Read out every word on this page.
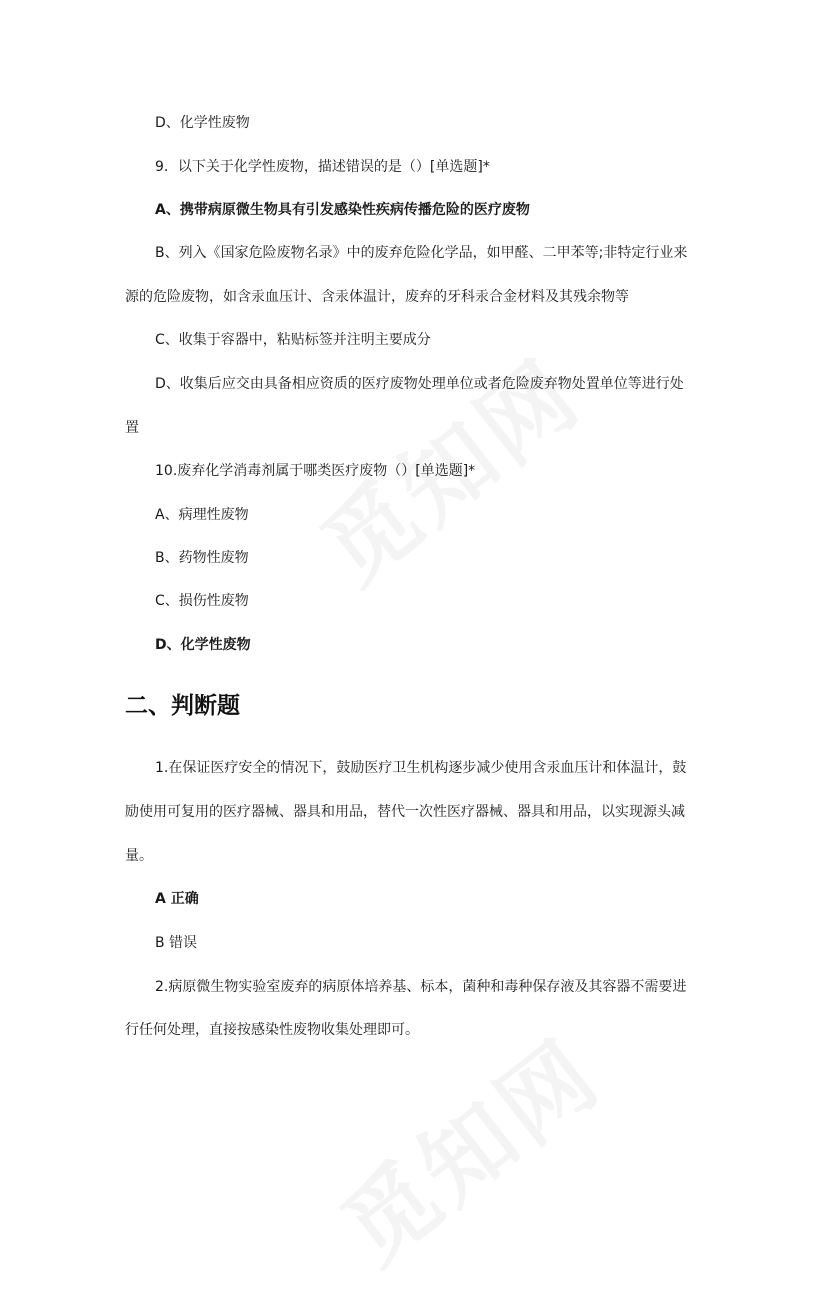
D、化学性废物

9．以下关于化学性废物，描述错误的是（）[单选题]*

A、携带病原微生物具有引发感染性疾病传播危险的医疗废物

B、列入《国家危险废物名录》中的废弃危险化学品，如甲醛、二甲苯等;非特定行业来

源的危险废物，如含汞血压计、含汞体温计，废弃的牙科汞合金材料及其残余物等

C、收集于容器中，粘贴标签并注明主要成分

D、收集后应交由具备相应资质的医疗废物处理单位或者危险废弃物处置单位等进行处

置

10.废弃化学消毒剂属于哪类医疗废物（）[单选题]*

A、病理性废物

B、药物性废物

C、损伤性废物

D、化学性废物

二、判断题

1.在保证医疗安全的情况下，鼓励医疗卫生机构逐步减少使用含汞血压计和体温计，鼓

励使用可复用的医疗器械、器具和用品，替代一次性医疗器械、器具和用品，以实现源头减

量。

A 正确

B 错误

2.病原微生物实验室废弃的病原体培养基、标本，菌种和毒种保存液及其容器不需要进

行任何处理，直接按感染性废物收集处理即可。
